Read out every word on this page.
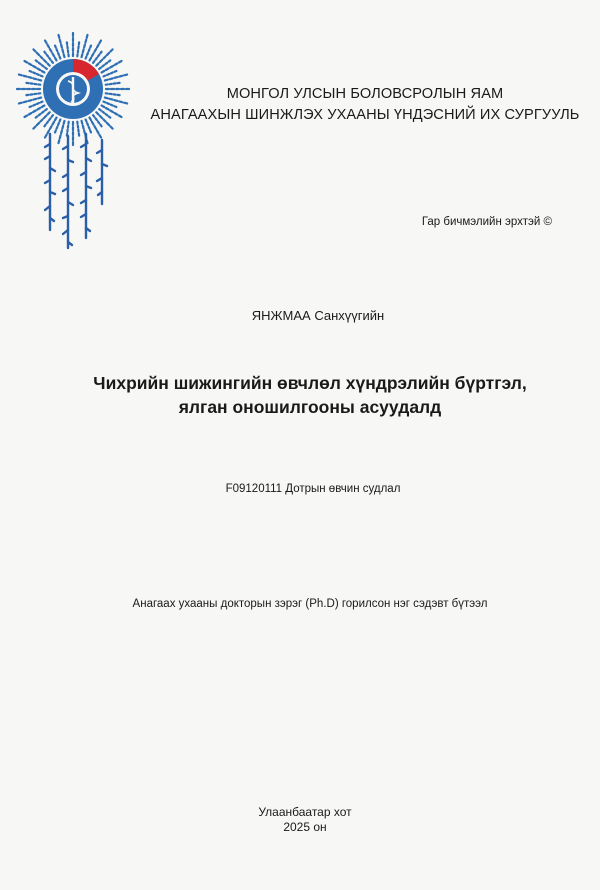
МОНГОЛ УЛСЫН БОЛОВСРОЛЫН ЯАМ
АНАГААХЫН ШИНЖЛЭХ УХААНЫ ҮНДЭСНИЙ ИХ СУРГУУЛЬ
Гар бичмэлийн эрхтэй ©
ЯНЖМАА Санхүүгийн
Чихрийн шижингийн өвчлөл хүндрэлийн бүртгэл,
ялган оношилгооны асуудалд
F09120111 Дотрын өвчин судлал
Анагаах ухааны докторын зэрэг (Ph.D) горилсон нэг сэдэвт бүтээл
Улаанбаатар хот
2025 он
